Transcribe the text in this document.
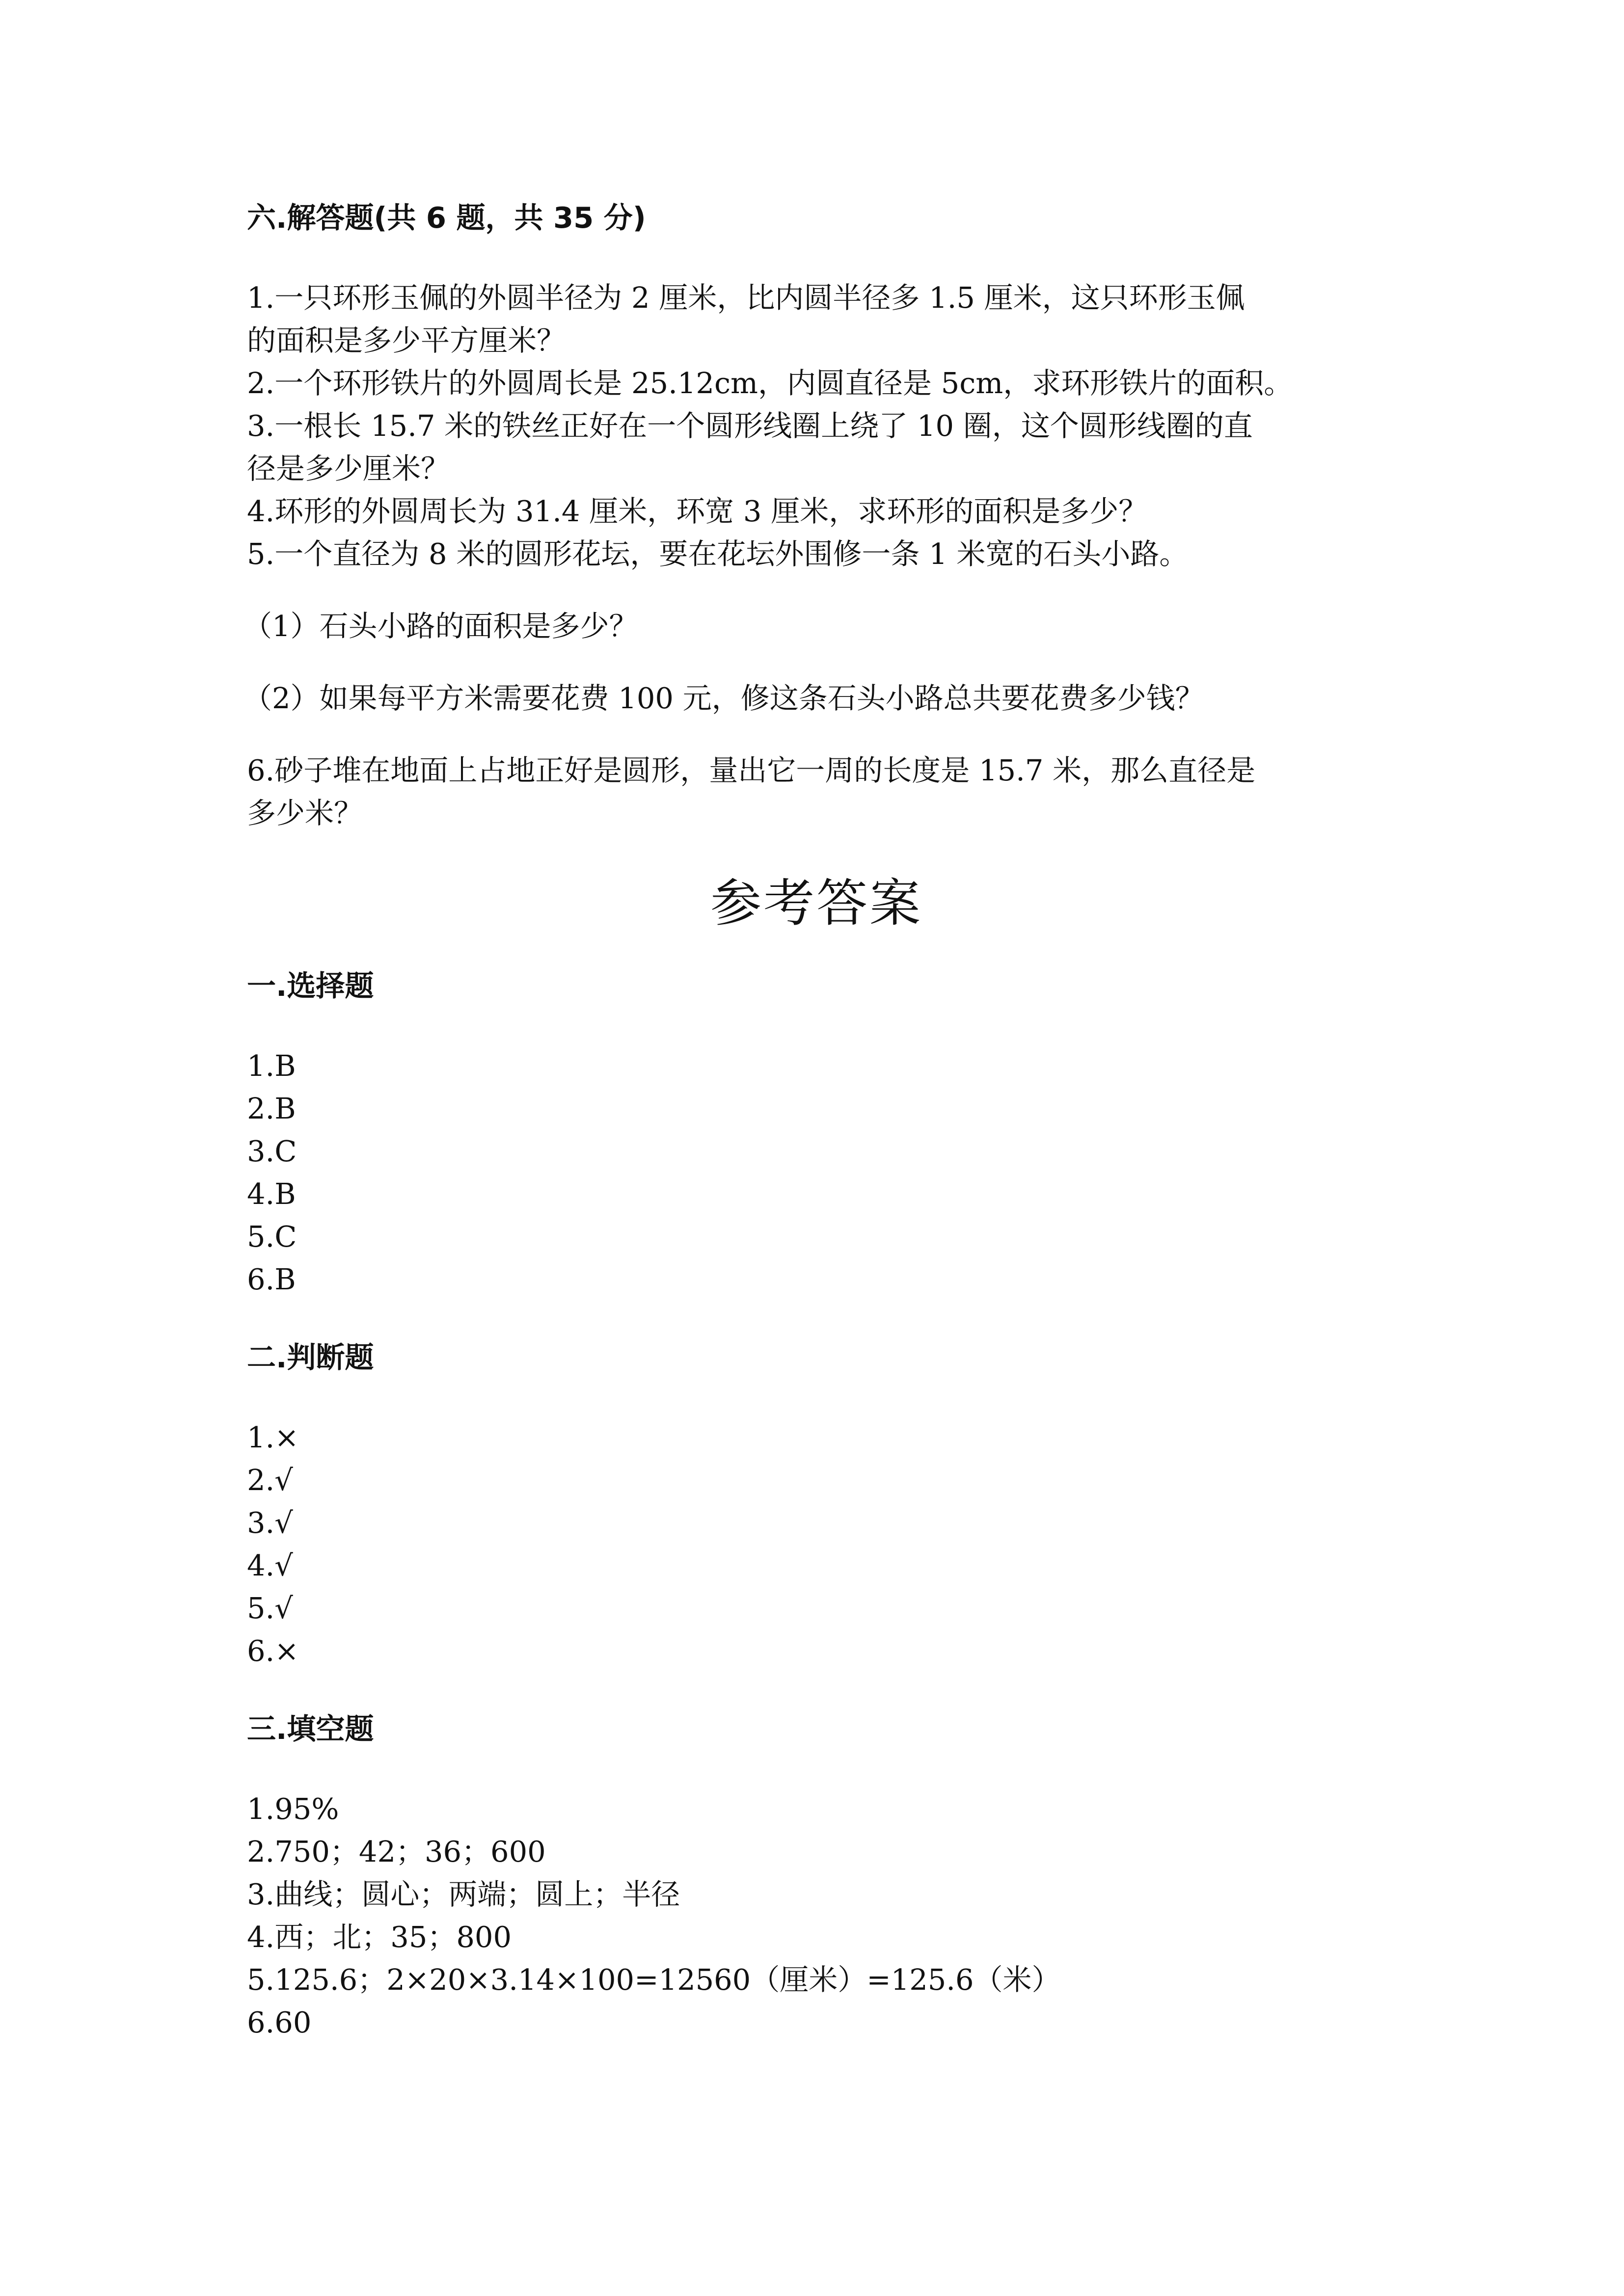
六.解答题(共 6 题，共 35 分)

1.一只环形玉佩的外圆半径为 2 厘米，比内圆半径多 1.5 厘米，这只环形玉佩

的面积是多少平方厘米？

2.一个环形铁片的外圆周长是 25.12cm，内圆直径是 5cm，求环形铁片的面积。

3.一根长 15.7 米的铁丝正好在一个圆形线圈上绕了 10 圈，这个圆形线圈的直

径是多少厘米？

4.环形的外圆周长为 31.4 厘米，环宽 3 厘米，求环形的面积是多少？

5.一个直径为 8 米的圆形花坛，要在花坛外围修一条 1 米宽的石头小路。

（1）石头小路的面积是多少？

（2）如果每平方米需要花费 100 元，修这条石头小路总共要花费多少钱？

6.砂子堆在地面上占地正好是圆形，量出它一周的长度是 15.7 米，那么直径是

多少米？

参考答案

一.选择题

1.B

2.B

3.C

4.B

5.C

6.B

二.判断题

1.×

2.√

3.√

4.√

5.√

6.×

三.填空题

1.95%

2.750；42；36；600

3.曲线；圆心；两端；圆上；半径

4.西；北；35；800

5.125.6；2×20×3.14×100=12560（厘米）=125.6（米）

6.60
